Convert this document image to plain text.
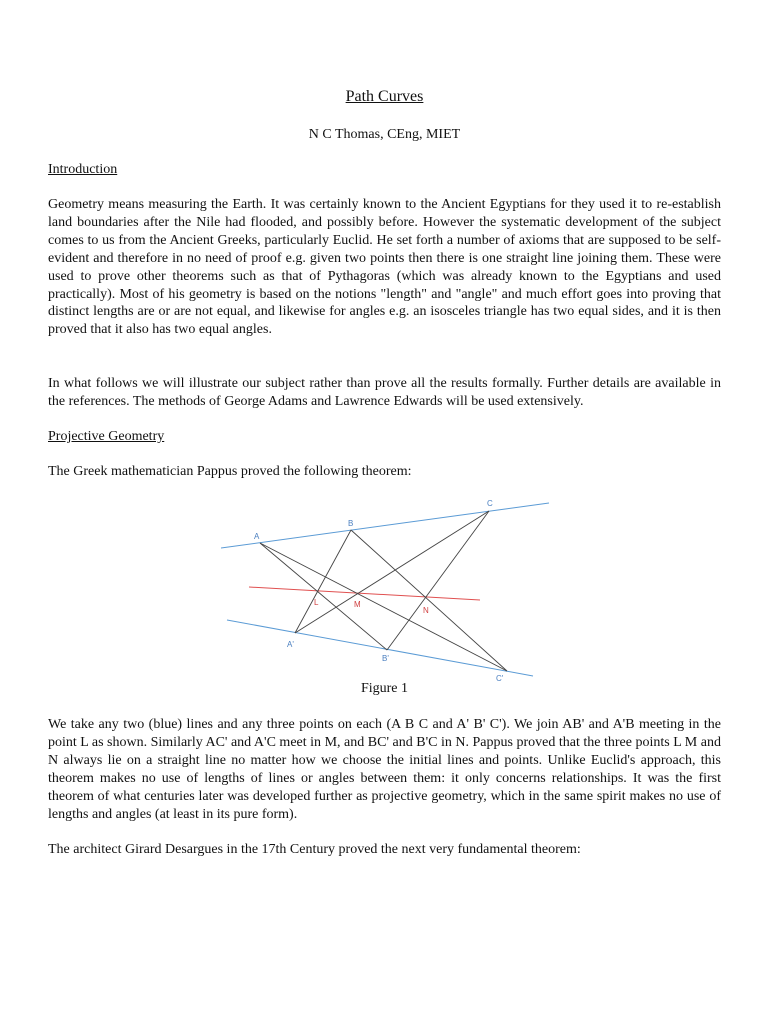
Path Curves
N C Thomas, CEng, MIET
Introduction

Geometry means measuring the Earth. It was certainly known to the Ancient Egyptians for they used it to re-establish land boundaries after the Nile had flooded, and possibly before. However the systematic development of the subject comes to us from the Ancient Greeks, particularly Euclid. He set forth a number of axioms that are supposed to be self-evident and therefore in no need of proof e.g. given two points then there is one straight line joining them. These were used to prove other theorems such as that of Pythagoras (which was already known to the Egyptians and used practically). Most of his geometry is based on the notions "length" and "angle" and much effort goes into proving that distinct lengths are or are not equal, and likewise for angles e.g. an isosceles triangle has two equal sides, and it is then proved that it also has two equal angles.

In what follows we will illustrate our subject rather than prove all the results formally. Further details are available in the references. The methods of George Adams and Lawrence Edwards will be used extensively.

Projective Geometry

The Greek mathematician Pappus proved the following theorem:

A
B
C
A'
B'
C'
L	M
N
Figure 1

We take any two (blue) lines and any three points on each (A B C and A' B' C'). We join AB' and A'B meeting in the point L as shown. Similarly AC' and A'C meet in M, and BC' and B'C in N. Pappus proved that the three points L M and N always lie on a straight line no matter how we choose the initial lines and points. Unlike Euclid's approach, this theorem makes no use of lengths of lines or angles between them: it only concerns relationships. It was the first theorem of what centuries later was developed further as projective geometry, which in the same spirit makes no use of lengths and angles (at least in its pure form).

The architect Girard Desargues in the 17th Century proved the next very fundamental theorem:
